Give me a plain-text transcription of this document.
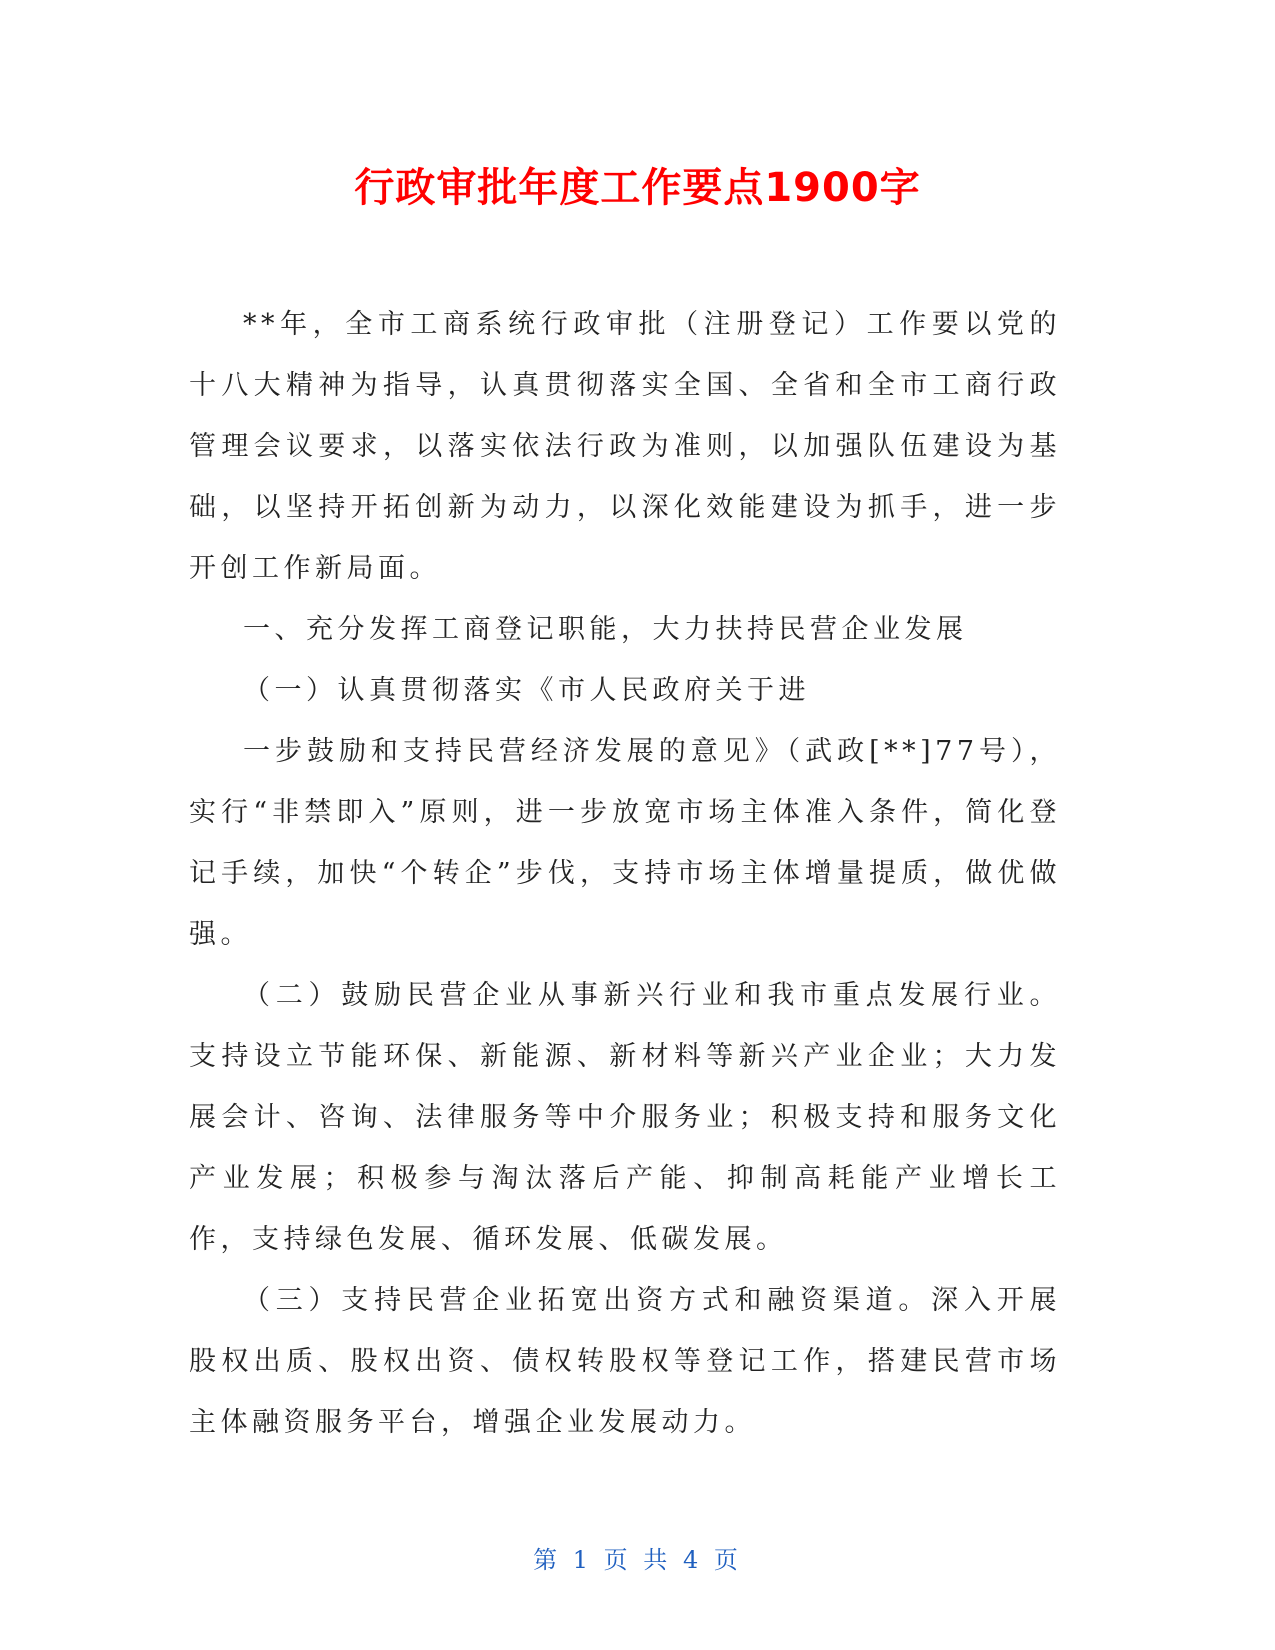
行政审批年度工作要点1900字

**年，全市工商系统行政审批（注册登记）工作要以党的十八大精神为指导，认真贯彻落实全国、全省和全市工商行政管理会议要求，以落实依法行政为准则，以加强队伍建设为基础，以坚持开拓创新为动力，以深化效能建设为抓手，进一步开创工作新局面。

一、充分发挥工商登记职能，大力扶持民营企业发展

（一）认真贯彻落实《市人民政府关于进

一步鼓励和支持民营经济发展的意见》（武政[**]77号），实行“非禁即入”原则，进一步放宽市场主体准入条件，简化登记手续，加快“个转企”步伐，支持市场主体增量提质，做优做强。

（二）鼓励民营企业从事新兴行业和我市重点发展行业。支持设立节能环保、新能源、新材料等新兴产业企业；大力发展会计、咨询、法律服务等中介服务业；积极支持和服务文化产业发展；积极参与淘汰落后产能、抑制高耗能产业增长工作，支持绿色发展、循环发展、低碳发展。

（三）支持民营企业拓宽出资方式和融资渠道。深入开展股权出质、股权出资、债权转股权等登记工作，搭建民营市场主体融资服务平台，增强企业发展动力。

第 1 页 共 4 页
